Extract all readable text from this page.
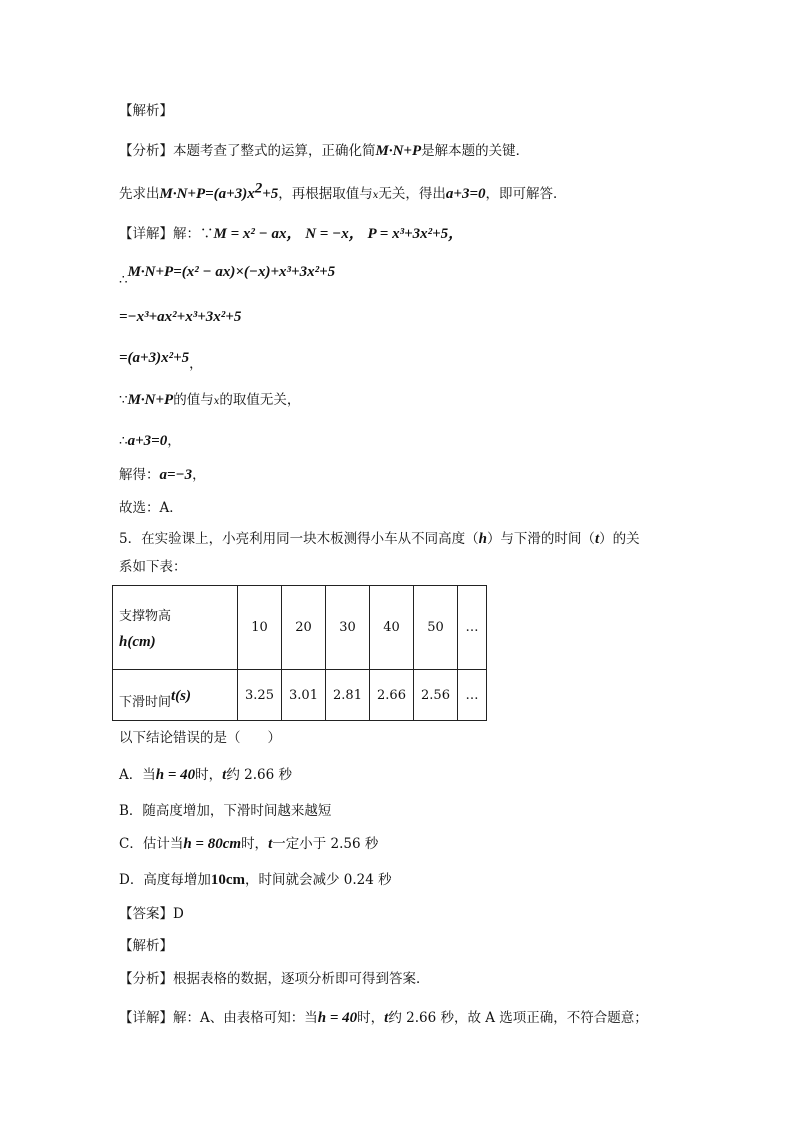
【解析】
【分析】本题考查了整式的运算，正确化简M·N+P是解本题的关键．
先求出$M\cdot N+P=(a+3)x^2+5$，再根据取值与x无关，得出a+3=0，即可解答．
【详解】解：∵M = x² − ax， N = −x， P = x³+3x²+5，
∴M·N+P=(x² − ax)×(−x)+x³+3x²+5
=−x³+ax²+x³+3x²+5
=(a+3)x²+5，
∵M·N+P的值与x的取值无关，
∴a+3=0，
解得：a=−3，
故选：A．
5．在实验课上，小亮利用同一块木板测得小车从不同高度（h）与下滑的时间（t）的关
系如下表：
支撑物高
h(cm)	10	20	30	40	50	…
下滑时间t(s)	3.25	3.01	2.81	2.66	2.56	…
以下结论错误的是（　　）
A．当h = 40时，t约 2.66 秒
B．随高度增加，下滑时间越来越短
C．估计当h = 80cm时，t一定小于 2.56 秒
D．高度每增加10cm，时间就会减少 0.24 秒
【答案】D
【解析】
【分析】根据表格的数据，逐项分析即可得到答案．
【详解】解：A、由表格可知：当h = 40时，t约 2.66 秒，故 A 选项正确，不符合题意；
